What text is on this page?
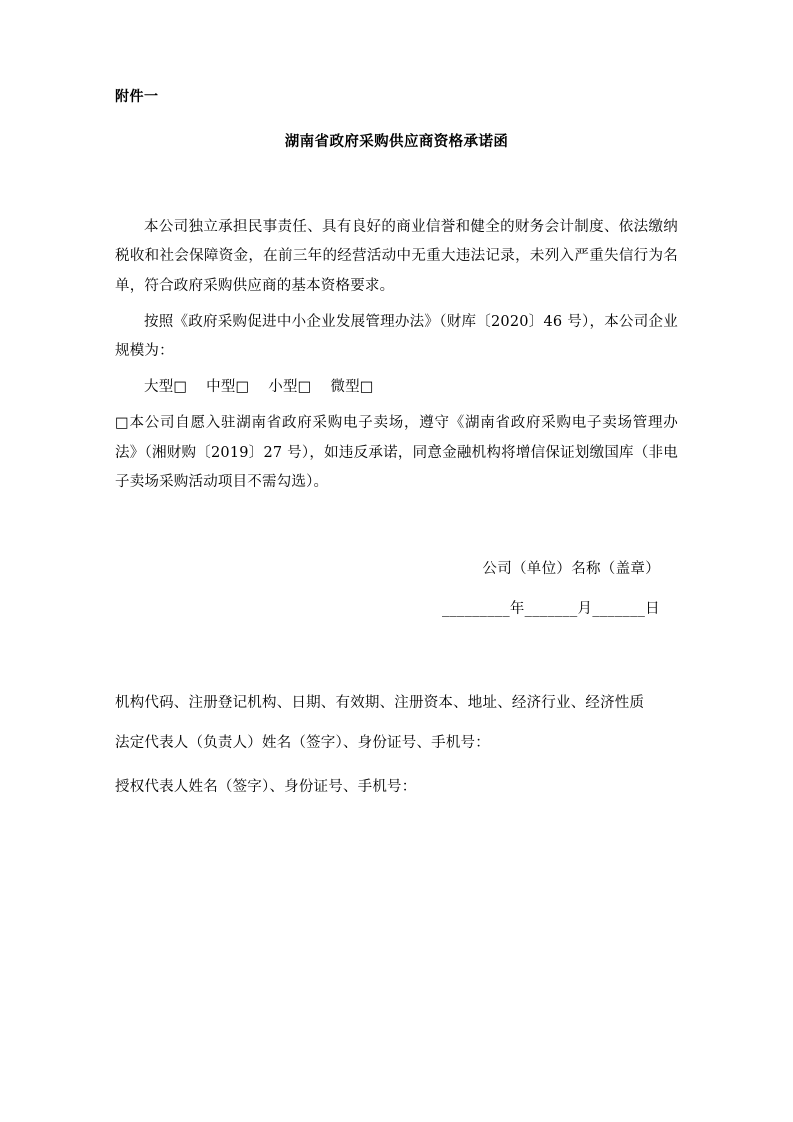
附件一
湖南省政府采购供应商资格承诺函

本公司独立承担民事责任、具有良好的商业信誉和健全的财务会计制度、依法缴纳税收和社会保障资金，在前三年的经营活动中无重大违法记录，未列入严重失信行为名单，符合政府采购供应商的基本资格要求。

按照《政府采购促进中小企业发展管理办法》（财库〔2020〕46 号），本公司企业规模为：

大型□ 中型□ 小型□ 微型□

□本公司自愿入驻湖南省政府采购电子卖场，遵守《湖南省政府采购电子卖场管理办法》（湘财购〔2019〕27 号），如违反承诺，同意金融机构将增信保证划缴国库（非电子卖场采购活动项目不需勾选）。

公司（单位）名称（盖章）
_________年_______月_______日

机构代码、注册登记机构、日期、有效期、注册资本、地址、经济行业、经济性质

法定代表人（负责人）姓名（签字）、身份证号、手机号：

授权代表人姓名（签字）、身份证号、手机号：
